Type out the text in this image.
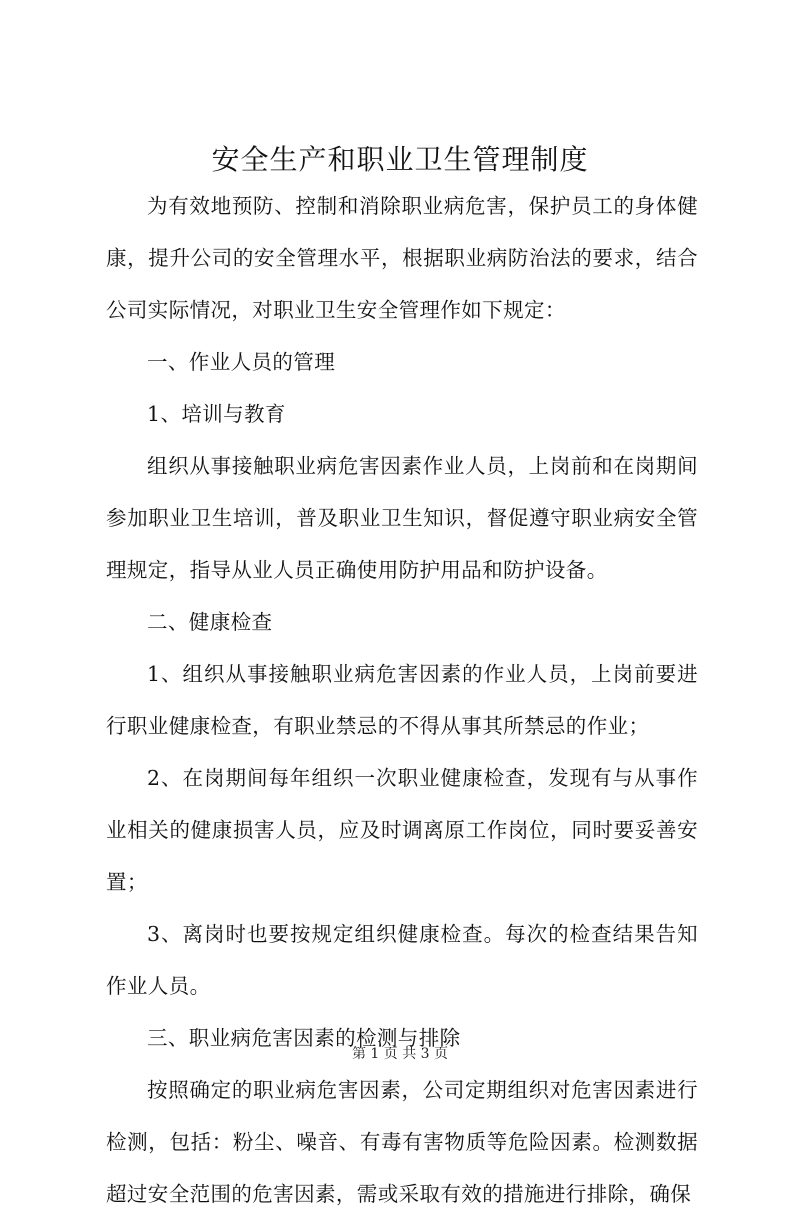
安全生产和职业卫生管理制度

为有效地预防、控制和消除职业病危害，保护员工的身体健康，提升公司的安全管理水平，根据职业病防治法的要求，结合公司实际情况，对职业卫生安全管理作如下规定：

一、作业人员的管理

1、培训与教育

组织从事接触职业病危害因素作业人员，上岗前和在岗期间参加职业卫生培训，普及职业卫生知识，督促遵守职业病安全管理规定，指导从业人员正确使用防护用品和防护设备。

二、健康检查

1、组织从事接触职业病危害因素的作业人员，上岗前要进行职业健康检查，有职业禁忌的不得从事其所禁忌的作业；

2、在岗期间每年组织一次职业健康检查，发现有与从事作业相关的健康损害人员，应及时调离原工作岗位，同时要妥善安置；

3、离岗时也要按规定组织健康检查。每次的检查结果告知作业人员。

三、职业病危害因素的检测与排除

按照确定的职业病危害因素，公司定期组织对危害因素进行检测，包括：粉尘、噪音、有毒有害物质等危险因素。检测数据超过安全范围的危害因素，需或采取有效的措施进行排除，确保

第 1 页 共 3 页
